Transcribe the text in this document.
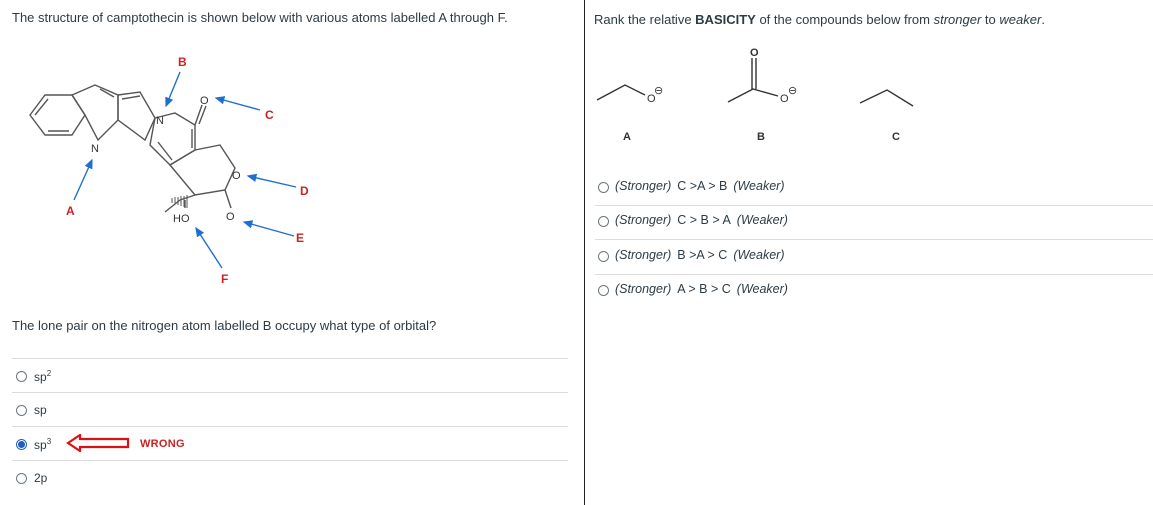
The structure of camptothecin is shown below with various atoms labelled A through F.
N
N
O
O
O
HO
A
B
C
D
E
F
The lone pair on the nitrogen atom labelled B occupy what type of orbital?
$sp^2$
sp
$sp^3$	WRONG
2p
Rank the relative BASICITY of the compounds below from stronger to weaker.
O
⊖
O
O
⊖
A	B	C
(Stronger) C >A > B (Weaker)
(Stronger) C > B > A (Weaker)
(Stronger) B >A > C (Weaker)
(Stronger) A > B > C (Weaker)
